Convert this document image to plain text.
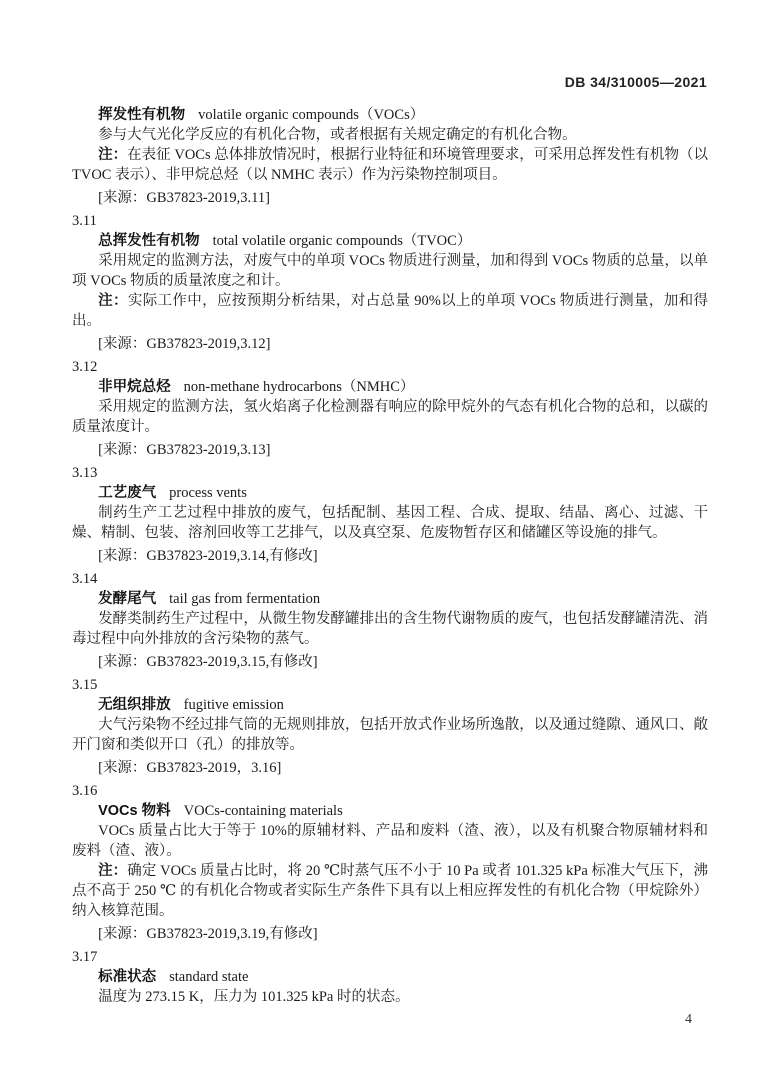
DB 34/310005—2021
挥发性有机物 volatile organic compounds（VOCs）

参与大气光化学反应的有机化合物，或者根据有关规定确定的有机化合物。

注：在表征 VOCs 总体排放情况时，根据行业特征和环境管理要求，可采用总挥发性有机物（以 TVOC 表示）、非甲烷总烃（以 NMHC 表示）作为污染物控制项目。

[来源：GB37823-2019,3.11]

3.11
总挥发性有机物 total volatile organic compounds（TVOC）

采用规定的监测方法，对废气中的单项 VOCs 物质进行测量，加和得到 VOCs 物质的总量，以单项 VOCs 物质的质量浓度之和计。

注：实际工作中，应按预期分析结果，对占总量 90%以上的单项 VOCs 物质进行测量，加和得出。

[来源：GB37823-2019,3.12]

3.12
非甲烷总烃 non-methane hydrocarbons（NMHC）

采用规定的监测方法，氢火焰离子化检测器有响应的除甲烷外的气态有机化合物的总和，以碳的质量浓度计。

[来源：GB37823-2019,3.13]

3.13
工艺废气 process vents

制药生产工艺过程中排放的废气，包括配制、基因工程、合成、提取、结晶、离心、过滤、干燥、精制、包装、溶剂回收等工艺排气，以及真空泵、危废物暂存区和储罐区等设施的排气。

[来源：GB37823-2019,3.14,有修改]

3.14
发酵尾气 tail gas from fermentation

发酵类制药生产过程中，从微生物发酵罐排出的含生物代谢物质的废气，也包括发酵罐清洗、消毒过程中向外排放的含污染物的蒸气。

[来源：GB37823-2019,3.15,有修改]

3.15
无组织排放 fugitive emission

大气污染物不经过排气筒的无规则排放，包括开放式作业场所逸散，以及通过缝隙、通风口、敞开门窗和类似开口（孔）的排放等。

[来源：GB37823-2019，3.16]

3.16
VOCs 物料 VOCs-containing materials

VOCs 质量占比大于等于 10%的原辅材料、产品和废料（渣、液），以及有机聚合物原辅材料和废料（渣、液）。

注：确定 VOCs 质量占比时，将 20 ℃时蒸气压不小于 10 Pa 或者 101.325 kPa 标准大气压下，沸点不高于 250 ℃ 的有机化合物或者实际生产条件下具有以上相应挥发性的有机化合物（甲烷除外）纳入核算范围。

[来源：GB37823-2019,3.19,有修改]

3.17
标准状态 standard state

温度为 273.15 K，压力为 101.325 kPa 时的状态。

4
